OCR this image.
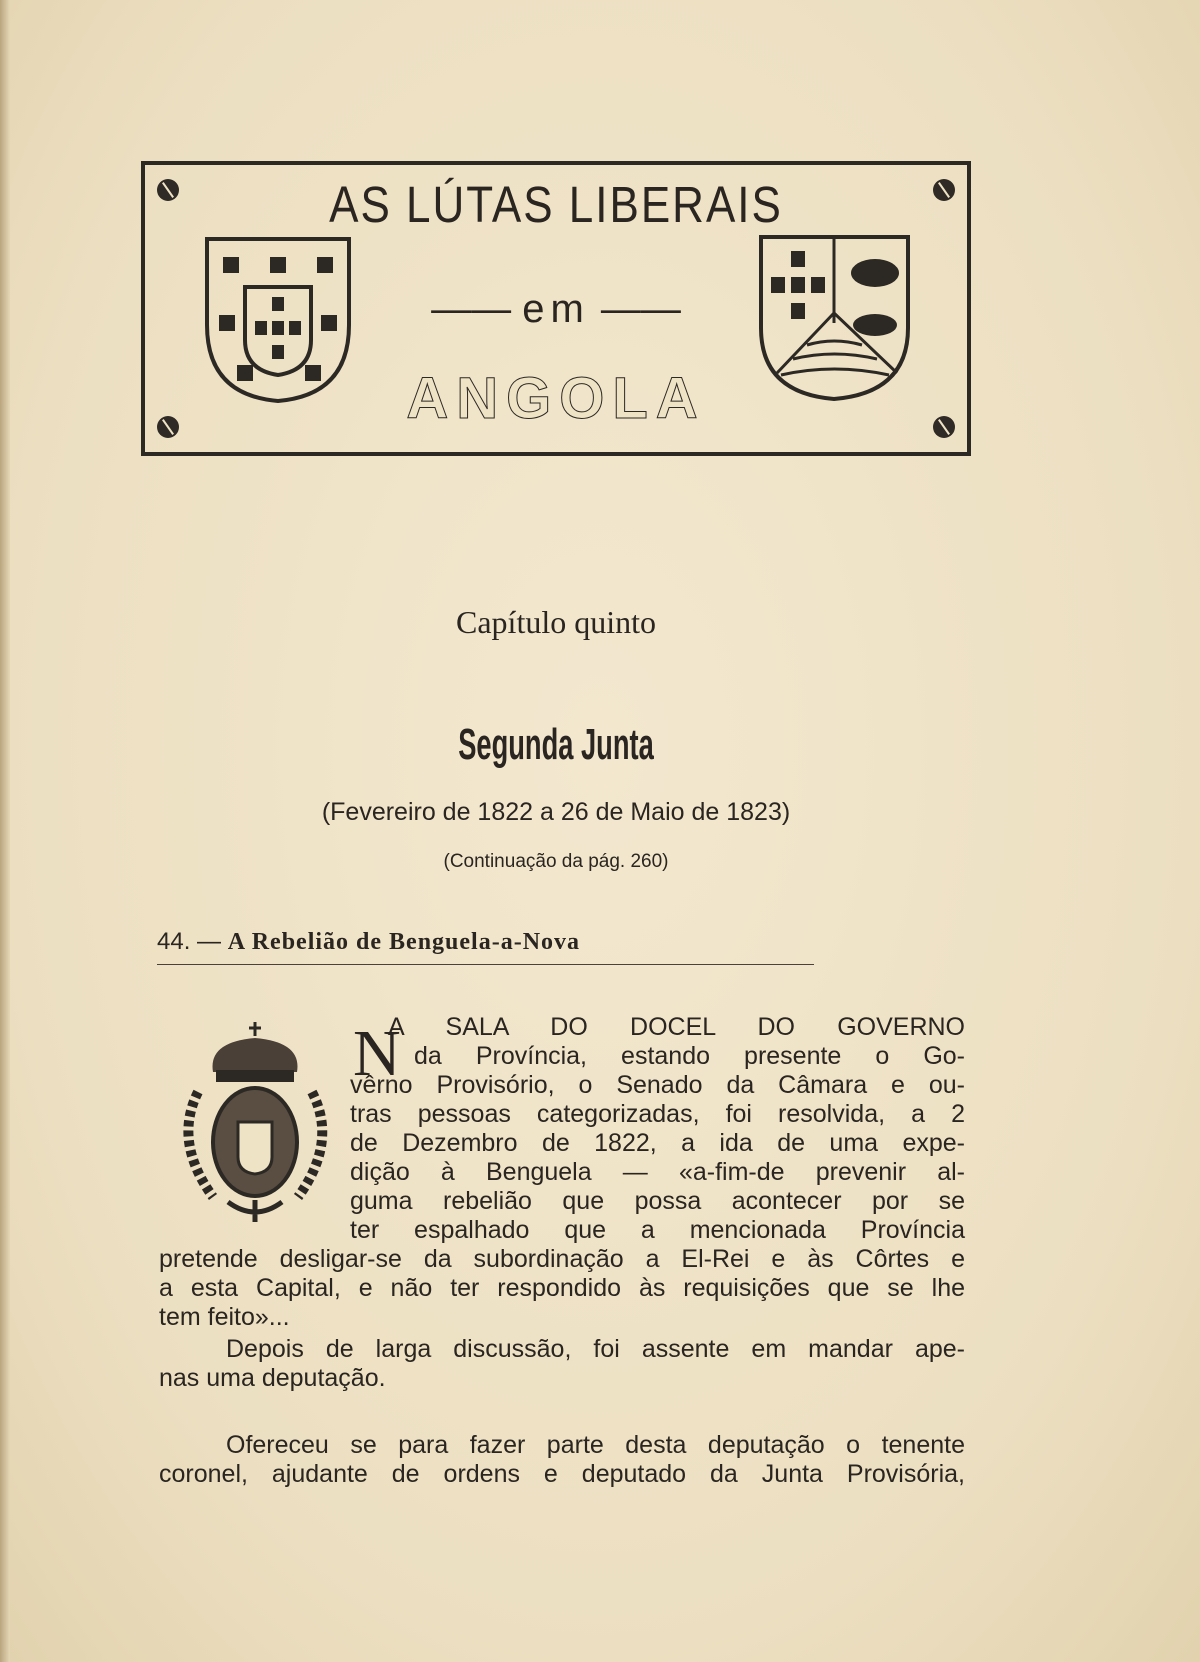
AS LÚTAS LIBERAIS
—— em ——
ANGOLA
Capítulo quinto
Segunda Junta
(Fevereiro de 1822 a 26 de Maio de 1823)
(Continuação da pág. 260)
44. — A Rebelião de Benguela-a-Nova
N
A SALA DO DOCEL DO GOVERNO
da Província, estando presente o Go-
vêrno Provisório, o Senado da Câmara e ou-
tras pessoas categorizadas, foi resolvida, a 2
de Dezembro de 1822, a ida de uma expe-
dição à Benguela — «a-fim-de prevenir al-
guma rebelião que possa acontecer por se
ter espalhado que a mencionada Província
pretende desligar-se da subordinação a El-Rei e às Côrtes e
a esta Capital, e não ter respondido às requisições que se lhe
tem feito»...
Depois de larga discussão, foi assente em mandar ape-
nas uma deputação.
Ofereceu se para fazer parte desta deputação o tenente
coronel, ajudante de ordens e deputado da Junta Provisória,
